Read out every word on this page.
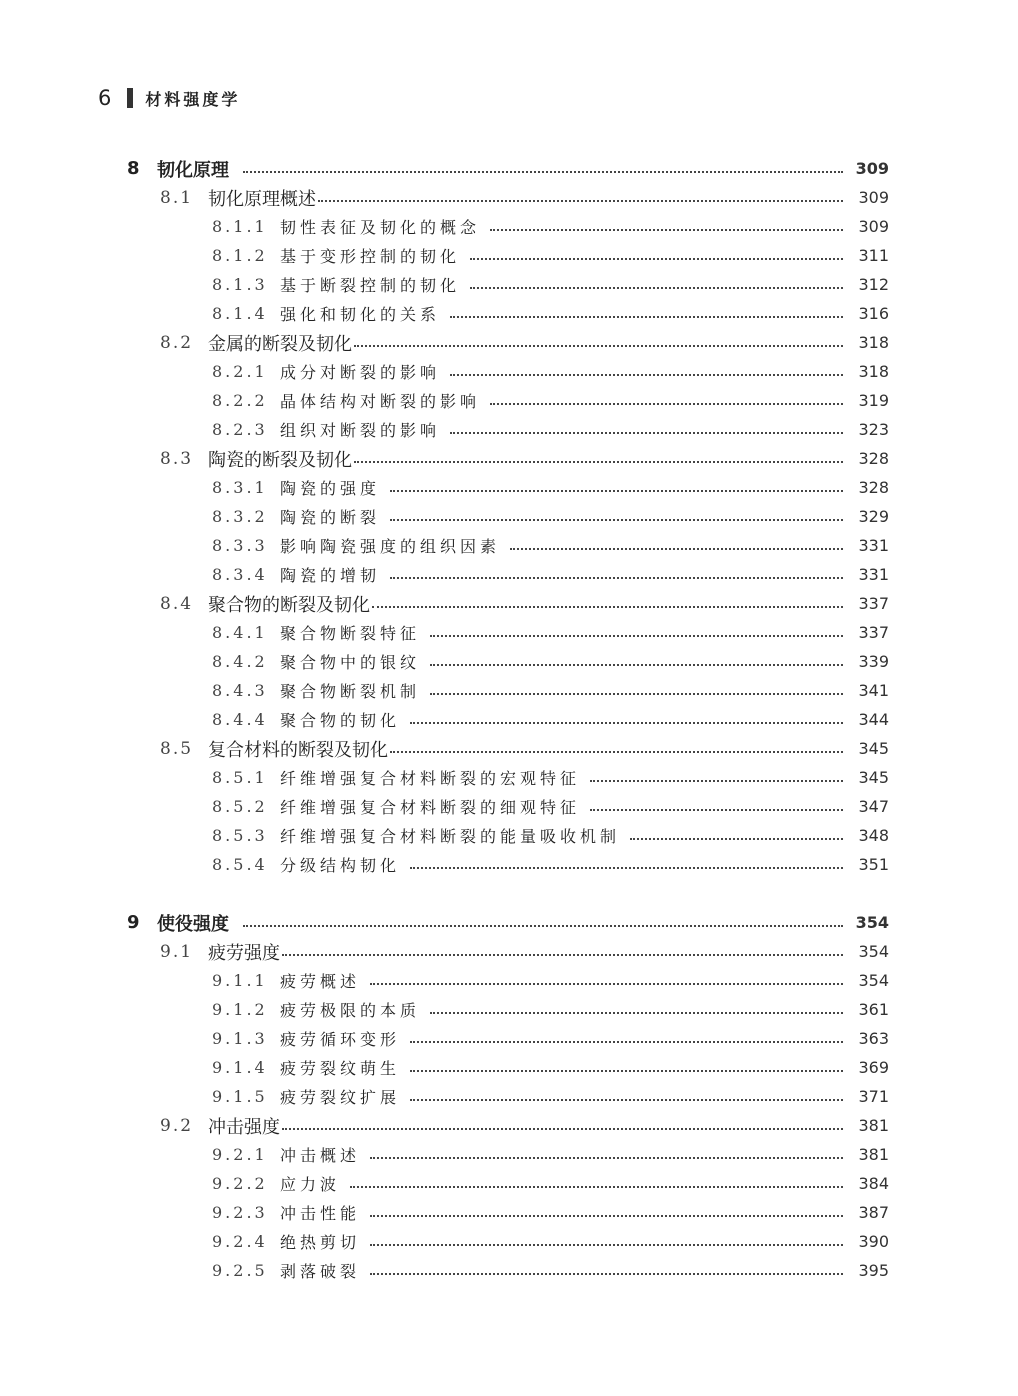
6 材料强度学
8 韧化原理	309
8.1 韧化原理概述	309
8.1.1 韧性表征及韧化的概念	309
8.1.2 基于变形控制的韧化	311
8.1.3 基于断裂控制的韧化	312
8.1.4 强化和韧化的关系	316
8.2 金属的断裂及韧化	318
8.2.1 成分对断裂的影响	318
8.2.2 晶体结构对断裂的影响	319
8.2.3 组织对断裂的影响	323
8.3 陶瓷的断裂及韧化	328
8.3.1 陶瓷的强度	328
8.3.2 陶瓷的断裂	329
8.3.3 影响陶瓷强度的组织因素	331
8.3.4 陶瓷的增韧	331
8.4 聚合物的断裂及韧化	337
8.4.1 聚合物断裂特征	337
8.4.2 聚合物中的银纹	339
8.4.3 聚合物断裂机制	341
8.4.4 聚合物的韧化	344
8.5 复合材料的断裂及韧化	345
8.5.1 纤维增强复合材料断裂的宏观特征	345
8.5.2 纤维增强复合材料断裂的细观特征	347
8.5.3 纤维增强复合材料断裂的能量吸收机制	348
8.5.4 分级结构韧化	351
9 使役强度	354
9.1 疲劳强度	354
9.1.1 疲劳概述	354
9.1.2 疲劳极限的本质	361
9.1.3 疲劳循环变形	363
9.1.4 疲劳裂纹萌生	369
9.1.5 疲劳裂纹扩展	371
9.2 冲击强度	381
9.2.1 冲击概述	381
9.2.2 应力波	384
9.2.3 冲击性能	387
9.2.4 绝热剪切	390
9.2.5 剥落破裂	395
